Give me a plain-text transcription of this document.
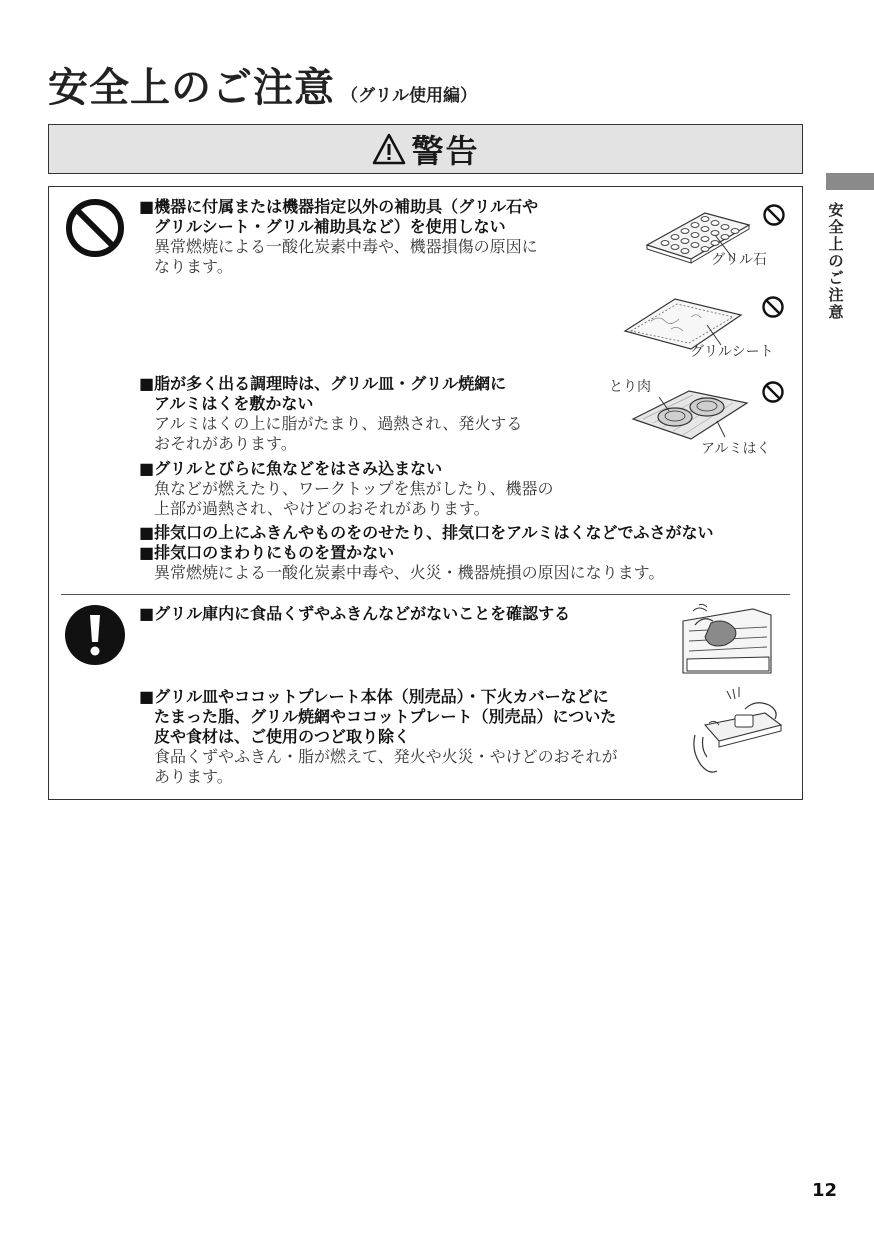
安全上のご注意 （グリル使用編）
警告
安全上のご注意
■機器に付属または機器指定以外の補助具（グリル石や
グリルシート・グリル補助具など）を使用しない
異常燃焼による一酸化炭素中毒や、機器損傷の原因に
なります。
■脂が多く出る調理時は、グリル皿・グリル焼網に
アルミはくを敷かない
アルミはくの上に脂がたまり、過熱され、発火する
おそれがあります。
■グリルとびらに魚などをはさみ込まない
魚などが燃えたり、ワークトップを焦がしたり、機器の
上部が過熱され、やけどのおそれがあります。
■排気口の上にふきんやものをのせたり、排気口をアルミはくなどでふさがない
■排気口のまわりにものを置かない
異常燃焼による一酸化炭素中毒や、火災・機器焼損の原因になります。
グリル石
グリルシート
とり肉
アルミはく
■グリル庫内に食品くずやふきんなどがないことを確認する
■グリル皿やココットプレート本体（別売品）・下火カバーなどに
たまった脂、グリル焼網やココットプレート（別売品）についた
皮や食材は、ご使用のつど取り除く
食品くずやふきん・脂が燃えて、発火や火災・やけどのおそれが
あります。
12
